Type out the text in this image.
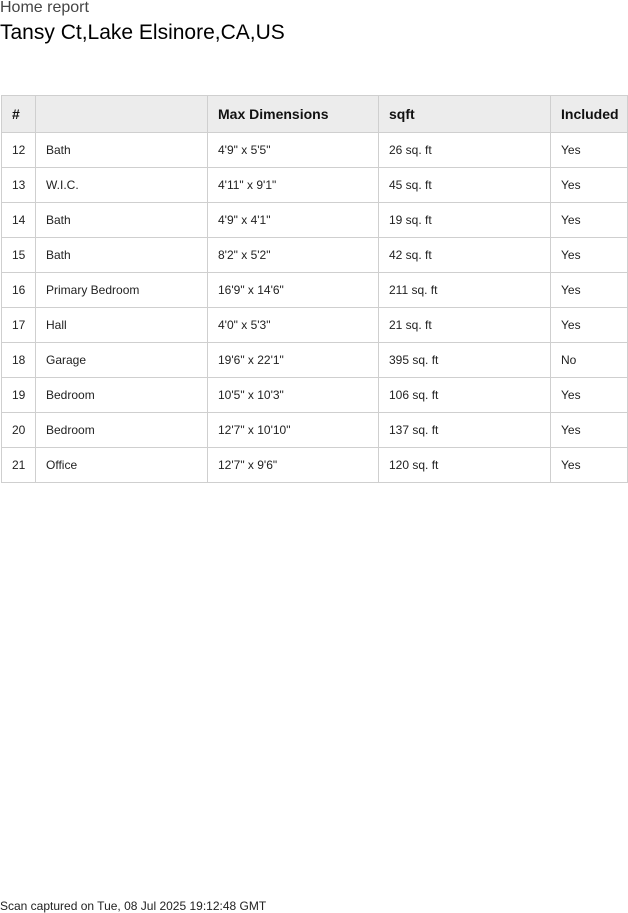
Home report
Tansy Ct,Lake Elsinore,CA,US
#		Max Dimensions	sqft	Included
12	Bath	4'9" x 5'5"	26 sq. ft	Yes
13	W.I.C.	4'11" x 9'1"	45 sq. ft	Yes
14	Bath	4'9" x 4'1"	19 sq. ft	Yes
15	Bath	8'2" x 5'2"	42 sq. ft	Yes
16	Primary Bedroom	16'9" x 14'6"	211 sq. ft	Yes
17	Hall	4'0" x 5'3"	21 sq. ft	Yes
18	Garage	19'6" x 22'1"	395 sq. ft	No
19	Bedroom	10'5" x 10'3"	106 sq. ft	Yes
20	Bedroom	12'7" x 10'10"	137 sq. ft	Yes
21	Office	12'7" x 9'6"	120 sq. ft	Yes
Scan captured on Tue, 08 Jul 2025 19:12:48 GMT
